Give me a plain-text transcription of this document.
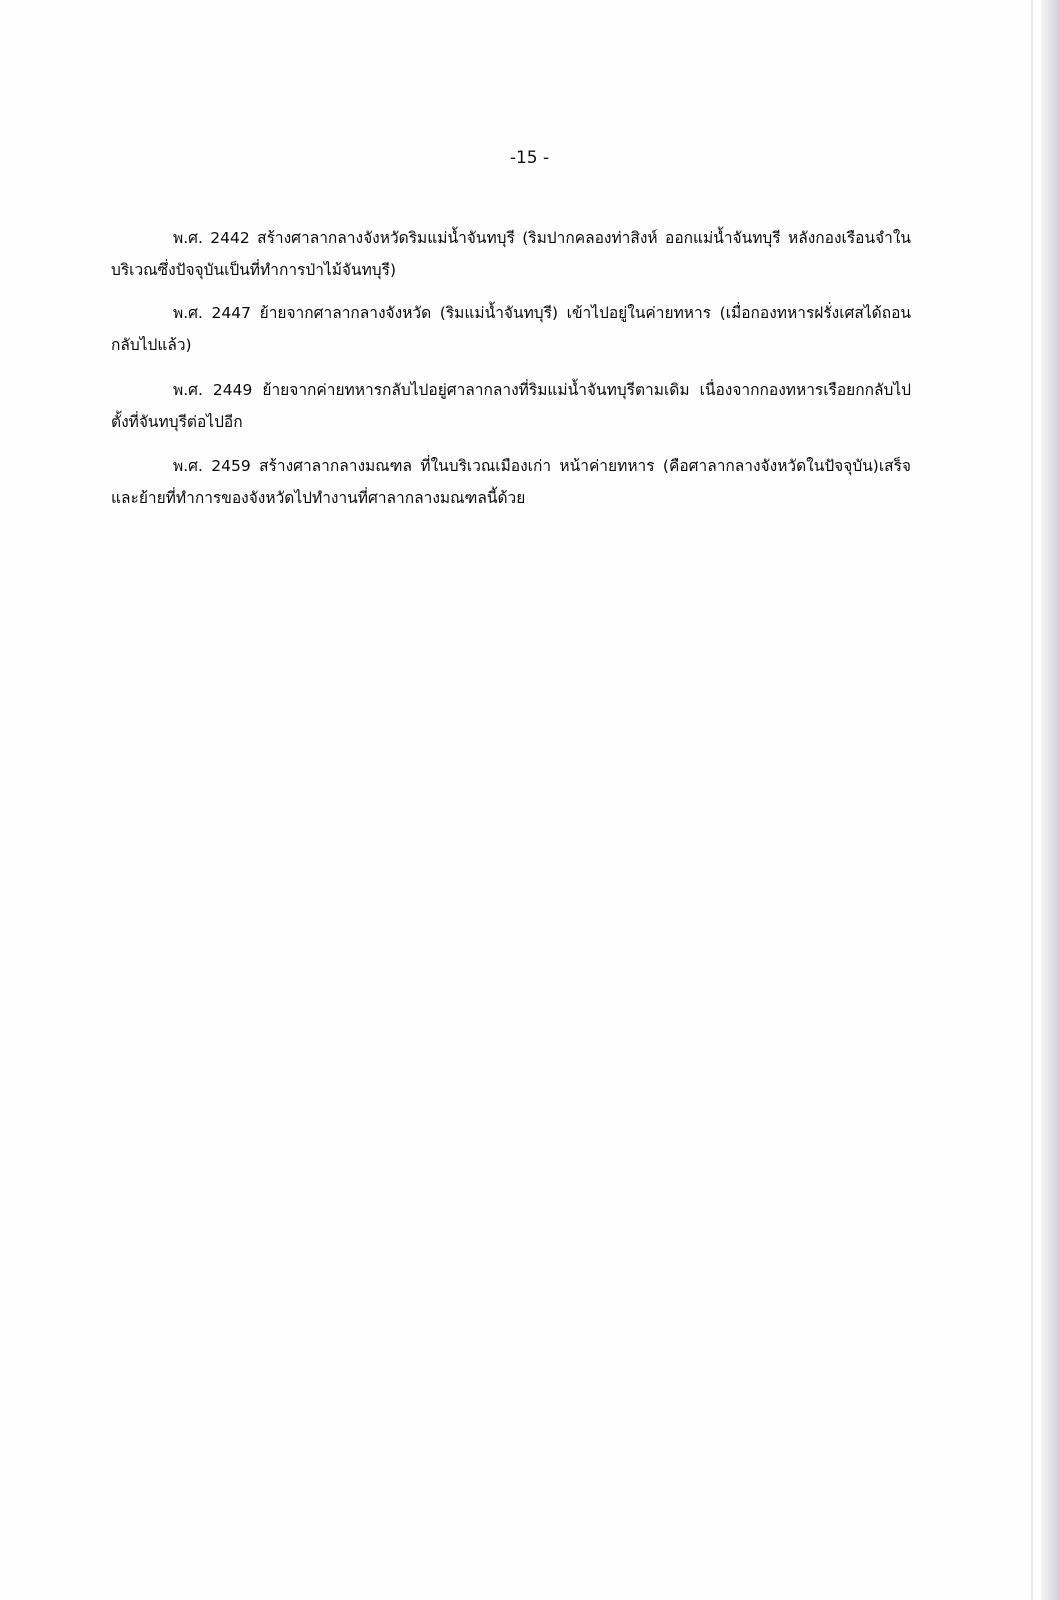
-15 -
พ.ศ. 2442 สร้างศาลากลางจังหวัดริมแม่น้ำจันทบุรี (ริมปากคลองท่าสิงห์ ออกแม่น้ำจันทบุรี หลังกองเรือนจำในบริเวณซึ่งปัจจุบันเป็นที่ทำการป่าไม้จันทบุรี)
พ.ศ. 2447 ย้ายจากศาลากลางจังหวัด (ริมแม่น้ำจันทบุรี) เข้าไปอยู่ในค่ายทหาร (เมื่อกองทหารฝรั่งเศสได้ถอนกลับไปแล้ว)
พ.ศ. 2449 ย้ายจากค่ายทหารกลับไปอยู่ศาลากลางที่ริมแม่น้ำจันทบุรีตามเดิม เนื่องจากกองทหารเรือยกกลับไปตั้งที่จันทบุรีต่อไปอีก
พ.ศ. 2459 สร้างศาลากลางมณฑล ที่ในบริเวณเมืองเก่า หน้าค่ายทหาร (คือศาลากลางจังหวัดในปัจจุบัน)เสร็จ และย้ายที่ทำการของจังหวัดไปทำงานที่ศาลากลางมณฑลนี้ด้วย
